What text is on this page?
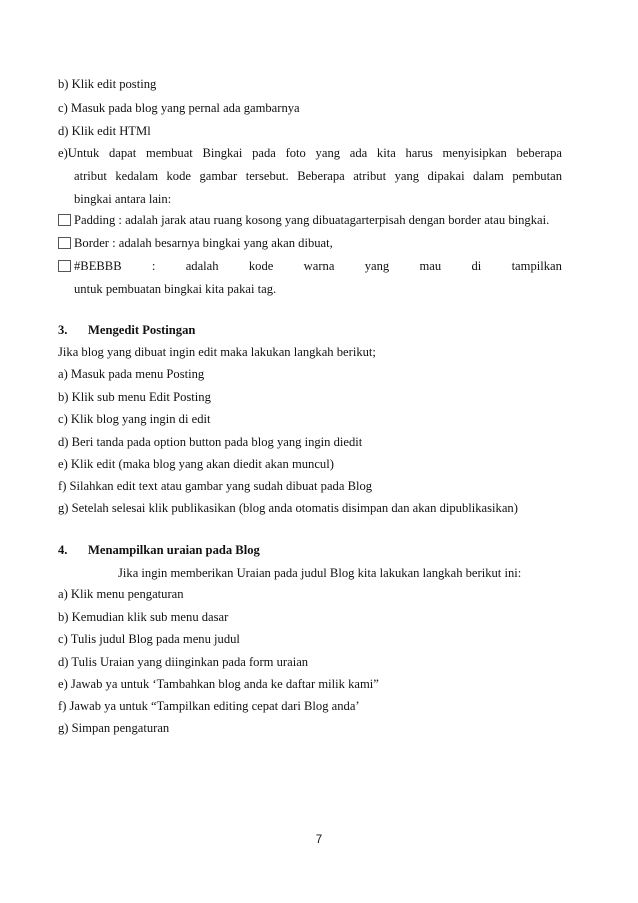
b) Klik edit posting
c) Masuk pada blog yang pernal ada gambarnya
d) Klik edit HTMl
e)Untuk dapat membuat Bingkai pada foto yang ada kita harus menyisipkan beberapa
atribut kedalam kode gambar tersebut. Beberapa atribut yang dipakai dalam pembutan
bingkai antara lain:
Padding : adalah jarak atau ruang kosong yang dibuatagarterpisah dengan border atau bingkai.
Border : adalah besarnya bingkai yang akan dibuat,
#BEBBB : adalah kode warna yang mau di tampilkan
untuk pembuatan bingkai kita pakai tag.
3. Mengedit Postingan
Jika blog yang dibuat ingin edit maka lakukan langkah berikut;
a) Masuk pada menu Posting
b) Klik sub menu Edit Posting
c) Klik blog yang ingin di edit
d) Beri tanda pada option button pada blog yang ingin diedit
e) Klik edit (maka blog yang akan diedit akan muncul)
f) Silahkan edit text atau gambar yang sudah dibuat pada Blog
g) Setelah selesai klik publikasikan (blog anda otomatis disimpan dan akan dipublikasikan)
4. Menampilkan uraian pada Blog
Jika ingin memberikan Uraian pada judul Blog kita lakukan langkah berikut ini:
a) Klik menu pengaturan
b) Kemudian klik sub menu dasar
c) Tulis judul Blog pada menu judul
d) Tulis Uraian yang diinginkan pada form uraian
e) Jawab ya untuk ‘Tambahkan blog anda ke daftar milik kami”
f) Jawab ya untuk “Tampilkan editing cepat dari Blog anda’
g) Simpan pengaturan
7
